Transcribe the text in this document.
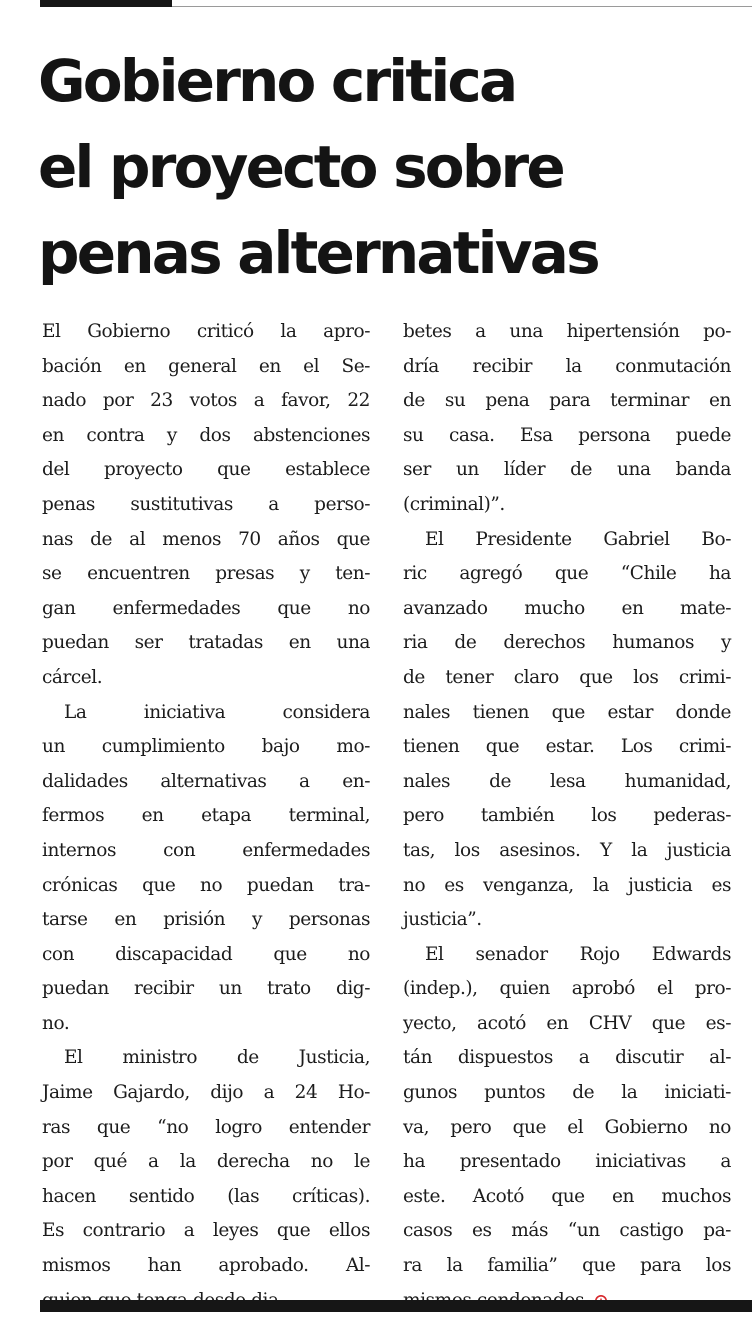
Gobierno critica
el proyecto sobre
penas alternativas

El Gobierno criticó la apro-
bación en general en el Se-
nado por 23 votos a favor, 22
en contra y dos abstenciones
del proyecto que establece
penas sustitutivas a perso-
nas de al menos 70 años que
se encuentren presas y ten-
gan enfermedades que no
puedan ser tratadas en una
cárcel.

La iniciativa considera
un cumplimiento bajo mo-
dalidades alternativas a en-
fermos en etapa terminal,
internos con enfermedades
crónicas que no puedan tra-
tarse en prisión y personas
con discapacidad que no
puedan recibir un trato dig-
no.

El ministro de Justicia,
Jaime Gajardo, dijo a 24 Ho-
ras que “no logro entender
por qué a la derecha no le
hacen sentido (las críticas).
Es contrario a leyes que ellos
mismos han aprobado. Al-

betes a una hipertensión po-
dría recibir la conmutación
de su pena para terminar en
su casa. Esa persona puede
ser un líder de una banda
(criminal)”.

El Presidente Gabriel Bo-
ric agregó que “Chile ha
avanzado mucho en mate-
ria de derechos humanos y
de tener claro que los crimi-
nales tienen que estar donde
tienen que estar. Los crimi-
nales de lesa humanidad,
pero también los pederas-
tas, los asesinos. Y la justicia
no es venganza, la justicia es
justicia”.

El senador Rojo Edwards
(indep.), quien aprobó el pro-
yecto, acotó en CHV que es-
tán dispuestos a discutir al-
gunos puntos de la iniciati-
va, pero que el Gobierno no
ha presentado iniciativas a
este. Acotó que en muchos
casos es más “un castigo pa-
ra la familia” que para los
